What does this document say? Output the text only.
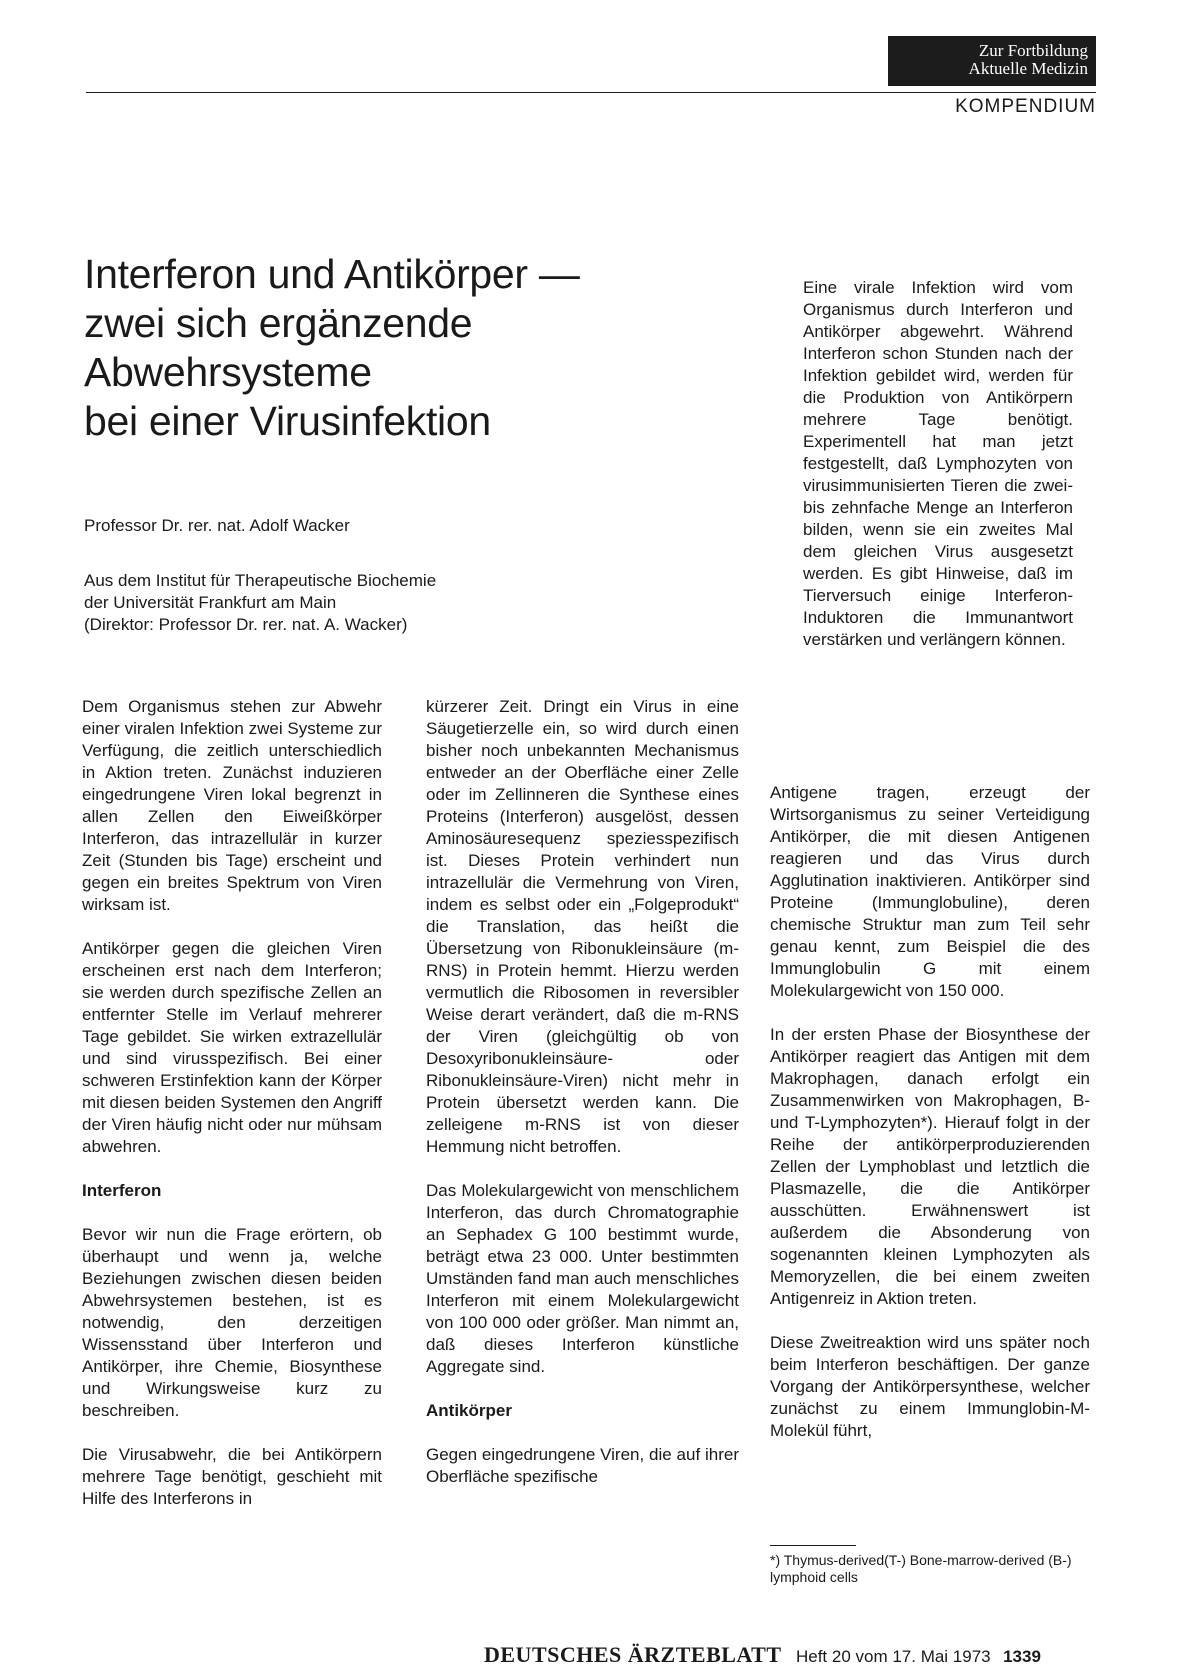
Zur Fortbildung
Aktuelle Medizin
KOMPENDIUM
Interferon und Antikörper —
zwei sich ergänzende
Abwehrsysteme
bei einer Virusinfektion
Professor Dr. rer. nat. Adolf Wacker
Aus dem Institut für Therapeutische Biochemie
der Universität Frankfurt am Main
(Direktor: Professor Dr. rer. nat. A. Wacker)
Eine virale Infektion wird vom Organismus durch Interferon und Antikörper abgewehrt. Während Interferon schon Stunden nach der Infektion gebildet wird, werden für die Produktion von Antikörpern mehrere Tage benötigt. Experimentell hat man jetzt festgestellt, daß Lymphozyten von virusimmunisierten Tieren die zwei- bis zehnfache Menge an Interferon bilden, wenn sie ein zweites Mal dem gleichen Virus ausgesetzt werden. Es gibt Hinweise, daß im Tierversuch einige Interferon-Induktoren die Immunantwort verstärken und verlängern können.

Dem Organismus stehen zur Abwehr einer viralen Infektion zwei Systeme zur Verfügung, die zeitlich unterschiedlich in Aktion treten. Zunächst induzieren eingedrungene Viren lokal begrenzt in allen Zellen den Eiweißkörper Interferon, das intrazellulär in kurzer Zeit (Stunden bis Tage) erscheint und gegen ein breites Spektrum von Viren wirksam ist.

Antikörper gegen die gleichen Viren erscheinen erst nach dem Interferon; sie werden durch spezifische Zellen an entfernter Stelle im Verlauf mehrerer Tage gebildet. Sie wirken extrazellulär und sind virusspezifisch. Bei einer schweren Erstinfektion kann der Körper mit diesen beiden Systemen den Angriff der Viren häufig nicht oder nur mühsam abwehren.

Interferon

Bevor wir nun die Frage erörtern, ob überhaupt und wenn ja, welche Beziehungen zwischen diesen beiden Abwehrsystemen bestehen, ist es notwendig, den derzeitigen Wissensstand über Interferon und Antikörper, ihre Chemie, Biosynthese und Wirkungsweise kurz zu beschreiben.

Die Virusabwehr, die bei Antikörpern mehrere Tage benötigt, geschieht mit Hilfe des Interferons in

kürzerer Zeit. Dringt ein Virus in eine Säugetierzelle ein, so wird durch einen bisher noch unbekannten Mechanismus entweder an der Oberfläche einer Zelle oder im Zellinneren die Synthese eines Proteins (Interferon) ausgelöst, dessen Aminosäuresequenz speziesspezifisch ist. Dieses Protein verhindert nun intrazellulär die Vermehrung von Viren, indem es selbst oder ein „Folgeprodukt“ die Translation, das heißt die Übersetzung von Ribonukleinsäure (m-RNS) in Protein hemmt. Hierzu werden vermutlich die Ribosomen in reversibler Weise derart verändert, daß die m-RNS der Viren (gleichgültig ob von Desoxyribonukleinsäure- oder Ribonukleinsäure-Viren) nicht mehr in Protein übersetzt werden kann. Die zelleigene m-RNS ist von dieser Hemmung nicht betroffen.

Das Molekulargewicht von menschlichem Interferon, das durch Chromatographie an Sephadex G 100 bestimmt wurde, beträgt etwa 23 000. Unter bestimmten Umständen fand man auch menschliches Interferon mit einem Molekulargewicht von 100 000 oder größer. Man nimmt an, daß dieses Interferon künstliche Aggregate sind.

Antikörper

Gegen eingedrungene Viren, die auf ihrer Oberfläche spezifische

Antigene tragen, erzeugt der Wirtsorganismus zu seiner Verteidigung Antikörper, die mit diesen Antigenen reagieren und das Virus durch Agglutination inaktivieren. Antikörper sind Proteine (Immunglobuline), deren chemische Struktur man zum Teil sehr genau kennt, zum Beispiel die des Immunglobulin G mit einem Molekulargewicht von 150 000.

In der ersten Phase der Biosynthese der Antikörper reagiert das Antigen mit dem Makrophagen, danach erfolgt ein Zusammenwirken von Makrophagen, B- und T-Lymphozyten*). Hierauf folgt in der Reihe der antikörperproduzierenden Zellen der Lymphoblast und letztlich die Plasmazelle, die die Antikörper ausschütten. Erwähnenswert ist außerdem die Absonderung von sogenannten kleinen Lymphozyten als Memoryzellen, die bei einem zweiten Antigenreiz in Aktion treten.

Diese Zweitreaktion wird uns später noch beim Interferon beschäftigen. Der ganze Vorgang der Antikörpersynthese, welcher zunächst zu einem Immunglobin-M-Molekül führt,

*) Thymus-derived(T-) Bone-marrow-derived (B-) lymphoid cells
DEUTSCHES ÄRZTEBLATT Heft 20 vom 17. Mai 1973 1339
